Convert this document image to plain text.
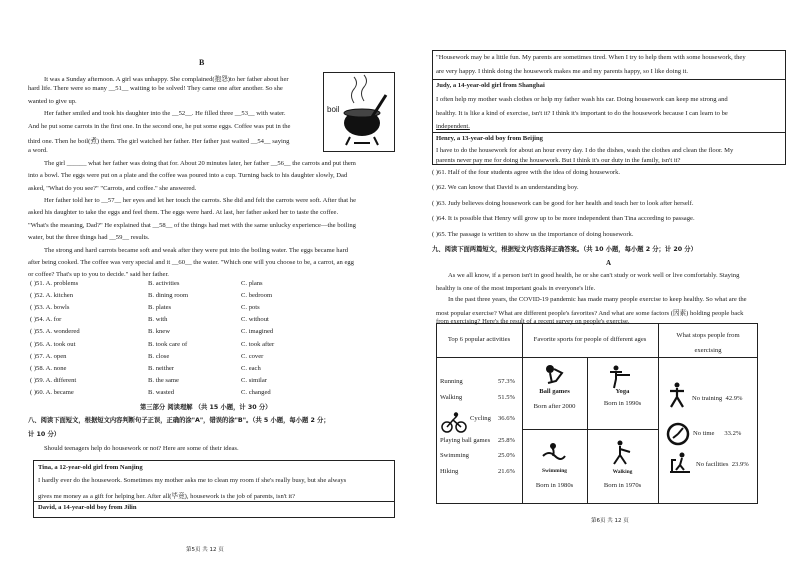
B
It was a Sunday afternoon. A girl was unhappy. She complained(抱怨)to her father about her
hard life. There were so many __51__ waiting to be solved! They came one after another. So she
wanted to give up.
Her father smiled and took his daughter into the __52__. He filled three __53__ with water.
And he put some carrots in the first one. In the second one, he put some eggs. Coffee was put in the
third one. Then he boil(煮) them. The girl watched her father. Her father just waited __54__ saying
a word.
The girl ______ what her father was doing that for. About 20 minutes later, her father __56__ the carrots and put them
into a bowl. The eggs were put on a plate and the coffee was poured into a cup. Turning back to his daughter slowly, Dad
asked, "What do you see?" "Carrots, and coffee." she answered.
Her father told her to __57__ her eyes and let her touch the carrots. She did and felt the carrots were soft. After that he
asked his daughter to take the eggs and feel them. The eggs were hard. At last, her father asked her to taste the coffee.
"What's the meaning, Dad?" He explained that __58__ of the things had met with the same unlucky experience—the boiling
water, but the three things had __59__ results.
The strong and hard carrots became soft and weak after they were put into the boiling water. The eggs became hard
after being cooked. The coffee was very special and it __60__ the water. "Which one will you choose to be, a carrot, an egg
or coffee? That's up to you to decide." said her father.
boil
( )51. A. problems	B. activities	C. plans
( )52. A. kitchen	B. dining room	C. bedroom
( )53. A. bowls	B. plates	C. pots
( )54. A. for	B. with	C. without
( )55. A. wondered	B. knew	C. imagined
( )56. A. took out	B. took care of	C. took after
( )57. A. open	B. close	C. cover
( )58. A. none	B. neither	C. each
( )59. A. different	B. the same	C. similar
( )60. A. became	B. wasted	C. changed
第三部分 阅读理解 （共 15 小题，计 30 分）
八、阅读下面短文，根据短文内容判断句子正误，正确的涂"A"，错误的涂"B"。（共 5 小题，每小题 2 分；
计 10 分）
Should teenagers help do housework or not? Here are some of their ideas.
Tina, a 12-year-old girl from Nanjing
I hardly ever do the housework. Sometimes my mother asks me to clean my room if she's really busy, but she always
gives me money as a gift for helping her. After all(毕竟), housework is the job of parents, isn't it?
David, a 14-year-old boy from Jilin
第5页 共 12 页
"Housework may be a little fun. My parents are sometimes tired. When I try to help them with some housework, they
are very happy. I think doing the housework makes me and my parents happy, so I like doing it.
Judy, a 14-year-old girl from Shanghai
I often help my mother wash clothes or help my father wash his car. Doing housework can keep me strong and
healthy. It is like a kind of exercise, isn't it? I think it's important to do the housework because I can learn to be
independent.
Henry, a 13-year-old boy from Beijing
I have to do the housework for about an hour every day. I do the dishes, wash the clothes and clean the floor. My
parents never pay me for doing the housework. But I think it's our duty in the family, isn't it?
( )61. Half of the four students agree with the idea of doing housework.
( )62. We can know that David is an understanding boy.
( )63. Judy believes doing housework can be good for her health and teach her to look after herself.
( )64. It is possible that Henry will grow up to be more independent than Tina according to passage.
( )65. The passage is written to show us the importance of doing housework.
九、阅读下面两篇短文，根据短文内容选择正确答案。（共 10 小题，每小题 2 分；计 20 分）
A
As we all know, if a person isn't in good health, he or she can't study or work well or live comfortably. Staying
healthy is one of the most important goals in everyone's life.
In the past three years, the COVID-19 pandemic has made many people exercise to keep healthy. So what are the
most popular exercise? What are different people's favorites? And what are some factors (因素) holding people back
from exercising? Here's the result of a recent survey on people's exercise.
Top 6 popular activities	Favorite sports for people of different ages
What stops people from exercising
Running	57.3%
Walking	51.5%
Cycling 36.6%
Playing ball games 25.8%
Swimming	25.0%
Hiking	21.6%
Ball games
Born after 2000
Yoga
Born in 1990s
Swimming
Born in 1980s
Walking
Born in 1970s
No training 42.9%
No time 33.2%
No facilities 23.9%
第6页 共 12 页
